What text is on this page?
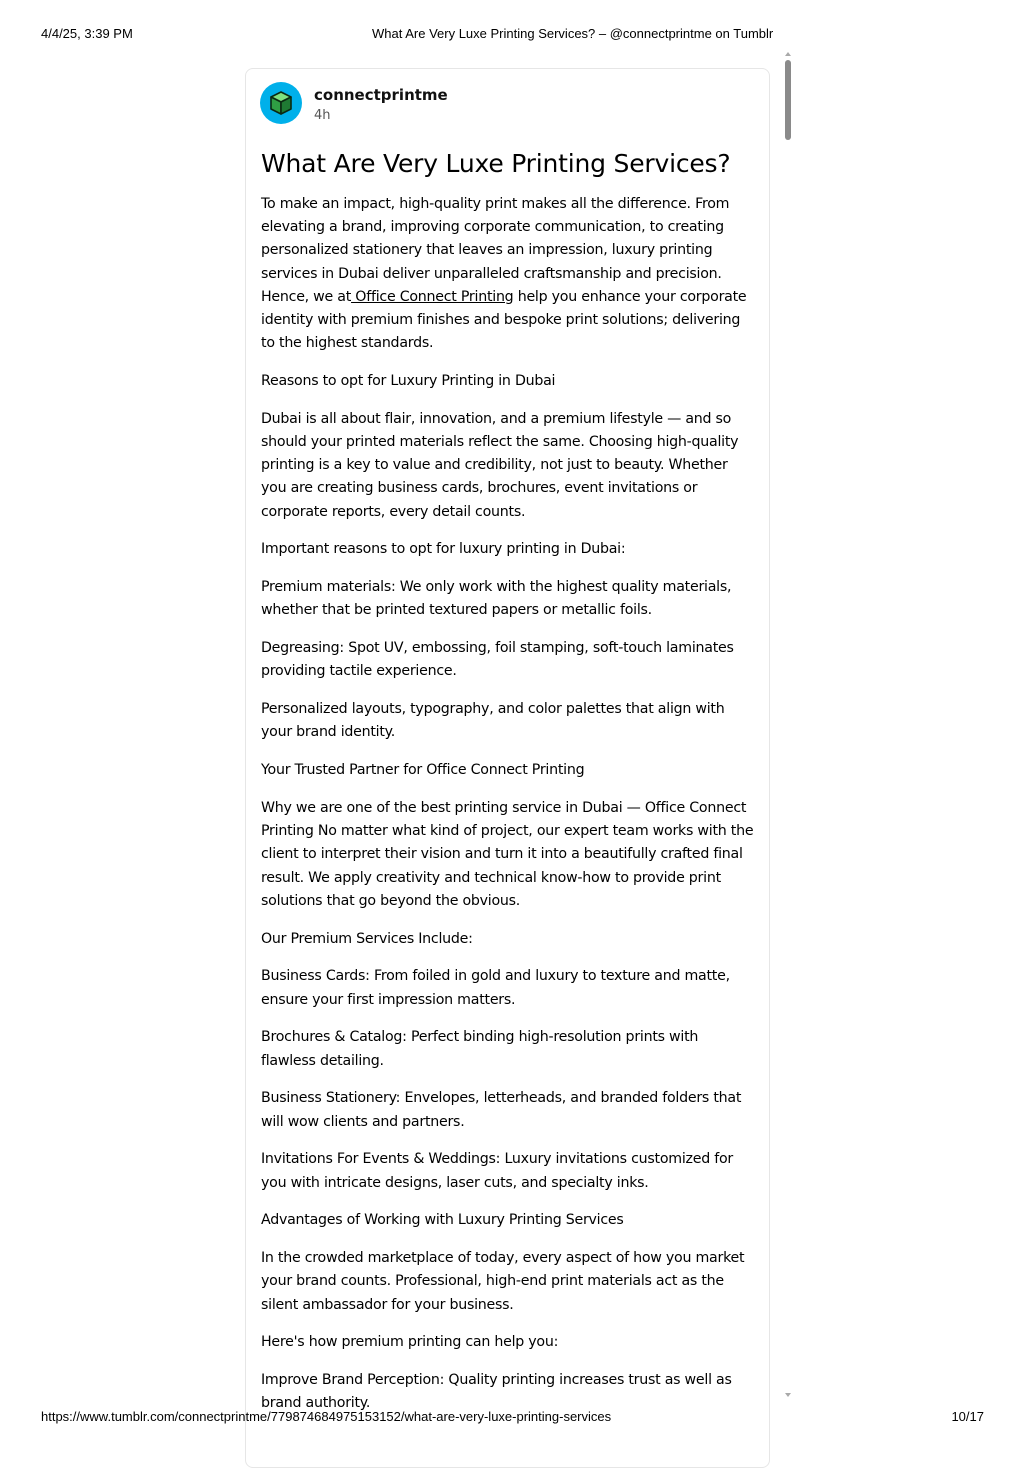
4/4/25, 3:39 PM	What Are Very Luxe Printing Services? – @connectprintme on Tumblr
connectprintme
4h
What Are Very Luxe Printing Services?

To make an impact, high-quality print makes all the difference. From elevating a brand, improving corporate communication, to creating personalized stationery that leaves an impression, luxury printing services in Dubai deliver unparalleled craftsmanship and precision. Hence, we at Office Connect Printing help you enhance your corporate identity with premium finishes and bespoke print solutions; delivering to the highest standards.

Reasons to opt for Luxury Printing in Dubai

Dubai is all about flair, innovation, and a premium lifestyle — and so should your printed materials reflect the same. Choosing high-quality printing is a key to value and credibility, not just to beauty. Whether you are creating business cards, brochures, event invitations or corporate reports, every detail counts.

Important reasons to opt for luxury printing in Dubai:

Premium materials: We only work with the highest quality materials, whether that be printed textured papers or metallic foils.

Degreasing: Spot UV, embossing, foil stamping, soft-touch laminates providing tactile experience.

Personalized layouts, typography, and color palettes that align with your brand identity.

Your Trusted Partner for Office Connect Printing

Why we are one of the best printing service in Dubai — Office Connect Printing No matter what kind of project, our expert team works with the client to interpret their vision and turn it into a beautifully crafted final result. We apply creativity and technical know-how to provide print solutions that go beyond the obvious.

Our Premium Services Include:

Business Cards: From foiled in gold and luxury to texture and matte, ensure your first impression matters.

Brochures & Catalog: Perfect binding high-resolution prints with flawless detailing.

Business Stationery: Envelopes, letterheads, and branded folders that will wow clients and partners.

Invitations For Events & Weddings: Luxury invitations customized for you with intricate designs, laser cuts, and specialty inks.

Advantages of Working with Luxury Printing Services

In the crowded marketplace of today, every aspect of how you market your brand counts. Professional, high-end print materials act as the silent ambassador for your business.

Here's how premium printing can help you:

Improve Brand Perception: Quality printing increases trust as well as brand authority.

https://www.tumblr.com/connectprintme/779874684975153152/what-are-very-luxe-printing-services	10/17
